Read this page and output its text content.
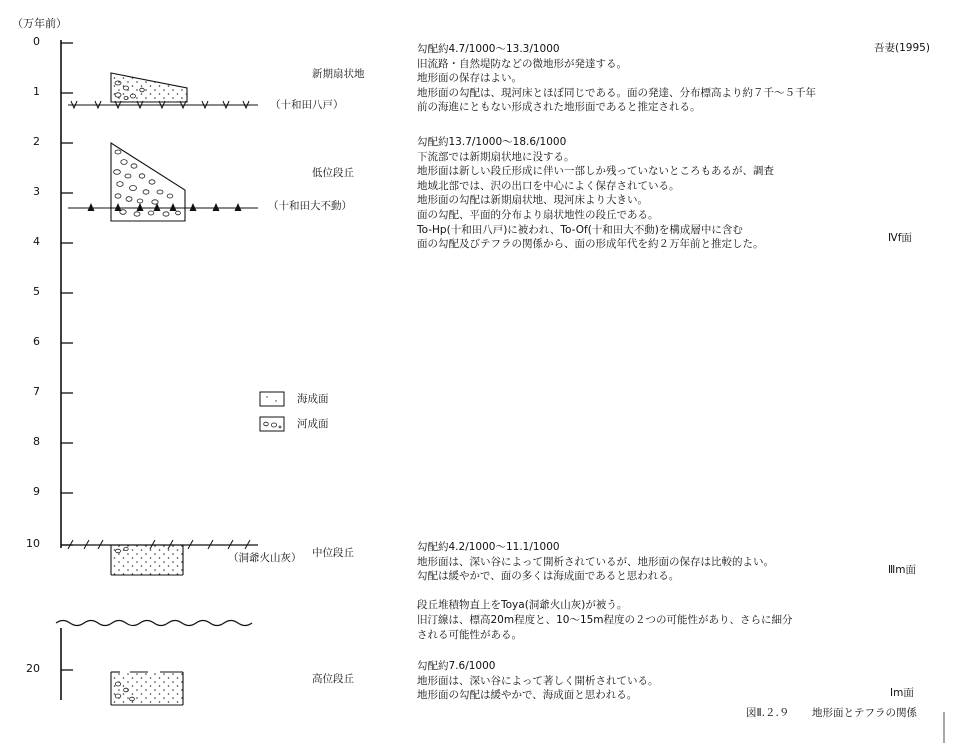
（万年前）
0
1
2
3
4
5
6
7
8
9
10
20
吾妻(1995)
新期扇状地
低位段丘
中位段丘
高位段丘
（十和田八戸）
（十和田大不動）
（洞爺火山灰）
海成面
河成面
Ⅳf面
Ⅲm面
Ⅰm面

勾配約4.7/1000～13.3/1000

旧流路・自然堤防などの微地形が発達する。

地形面の保存はよい。

地形面の勾配は、現河床とほぼ同じである。面の発達、分布標高より約７千～５千年

前の海進にともない形成された地形面であると推定される。

勾配約13.7/1000～18.6/1000

下流部では新期扇状地に没する。

地形面は新しい段丘形成に伴い一部しか残っていないところもあるが、調査

地域北部では、沢の出口を中心によく保存されている。

地形面の勾配は新期扇状地、現河床より大きい。

面の勾配、平面的分布より扇状地性の段丘である。

To-Hp(十和田八戸)に被われ、To-Of(十和田大不動)を構成層中に含む

面の勾配及びテフラの関係から、面の形成年代を約２万年前と推定した。

勾配約4.2/1000～11.1/1000

地形面は、深い谷によって開析されているが、地形面の保存は比較的よい。

勾配は緩やかで、面の多くは海成面であると思われる。

段丘堆積物直上をToya(洞爺火山灰)が被う。

旧汀線は、標高20m程度と、10～15m程度の２つの可能性があり、さらに細分

される可能性がある。

勾配約7.6/1000

地形面は、深い谷によって著しく開析されている。

地形面の勾配は緩やかで、海成面と思われる。

図Ⅱ.２.９ 地形面とテフラの関係
